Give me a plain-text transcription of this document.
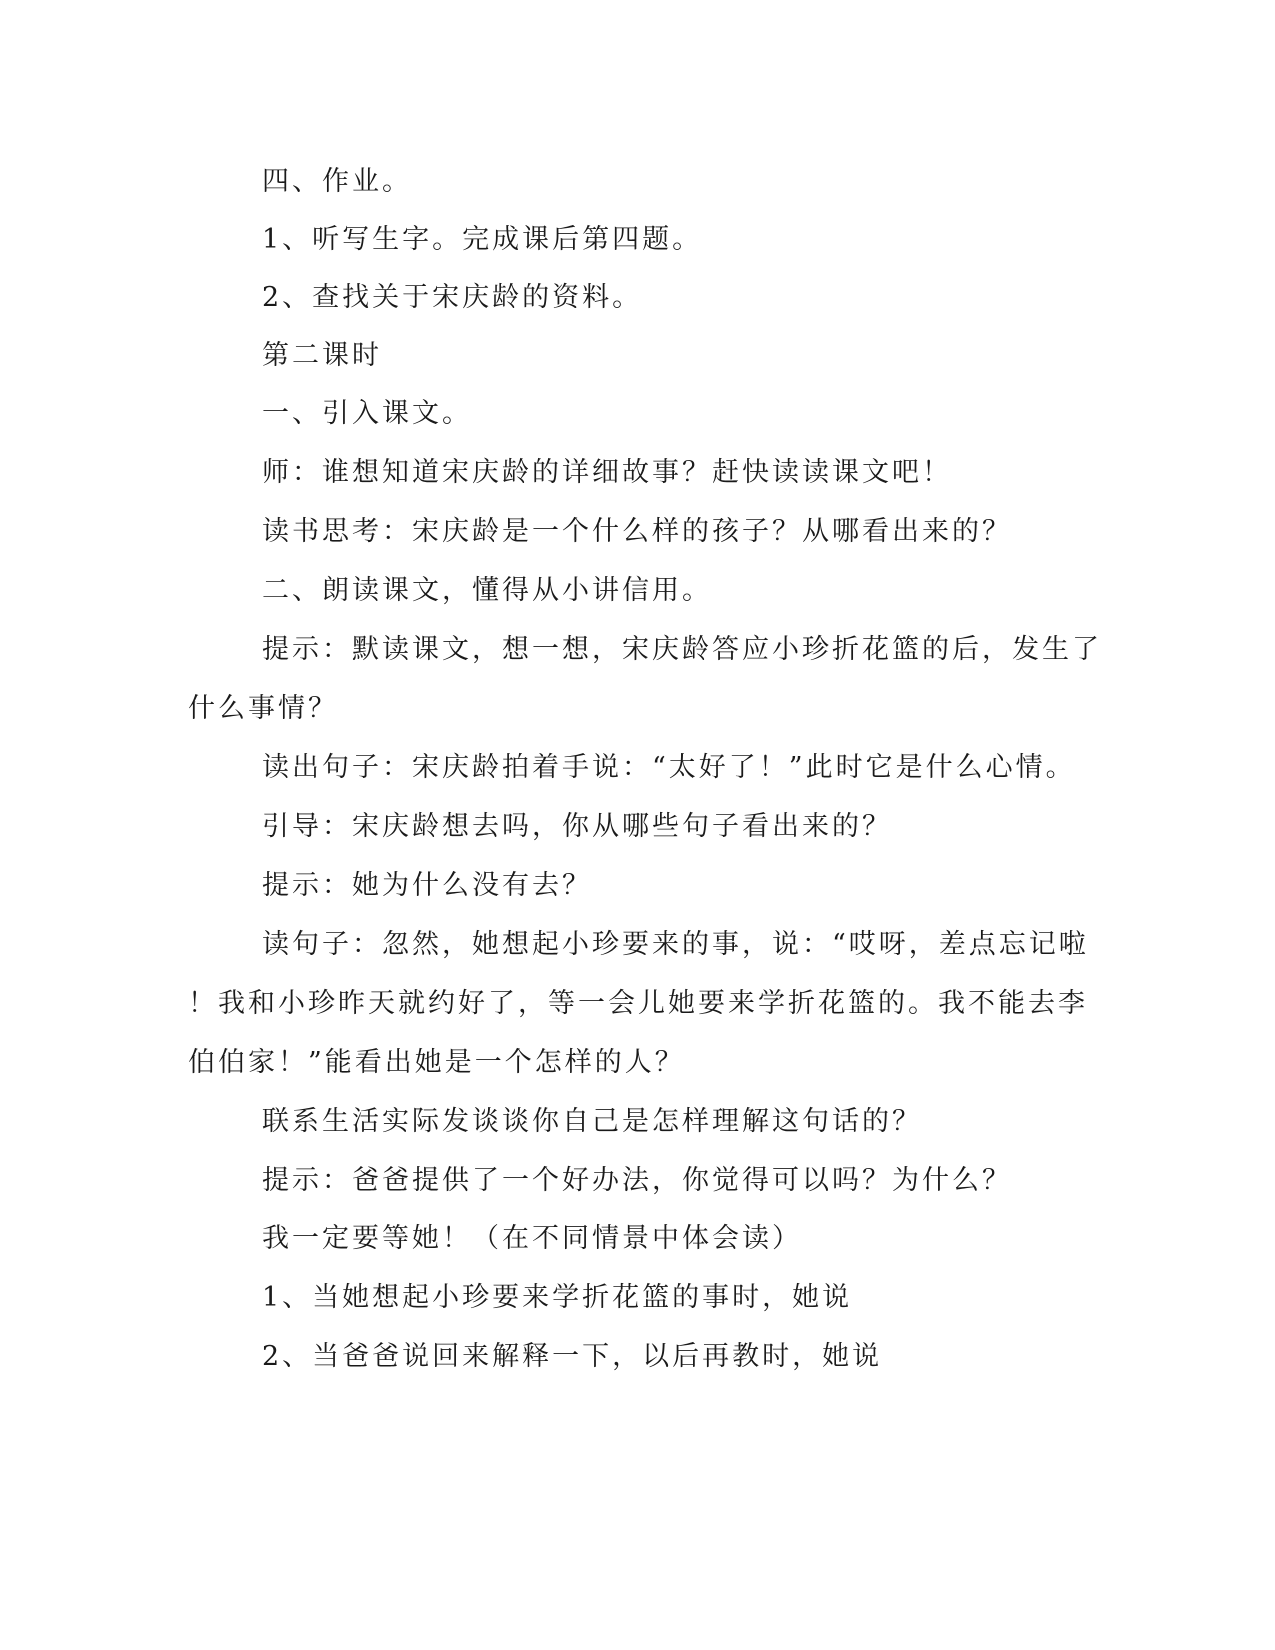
四、作业。
1、听写生字。完成课后第四题。
2、查找关于宋庆龄的资料。
第二课时
一、引入课文。
师：谁想知道宋庆龄的详细故事？赶快读读课文吧！
读书思考：宋庆龄是一个什么样的孩子？从哪看出来的？
二、朗读课文，懂得从小讲信用。
提示：默读课文，想一想，宋庆龄答应小珍折花篮的后，发生了
什么事情？
读出句子：宋庆龄拍着手说：“太好了！”此时它是什么心情。
引导：宋庆龄想去吗，你从哪些句子看出来的？
提示：她为什么没有去？
读句子：忽然，她想起小珍要来的事，说：“哎呀，差点忘记啦
！我和小珍昨天就约好了，等一会儿她要来学折花篮的。我不能去李
伯伯家！”能看出她是一个怎样的人？
联系生活实际发谈谈你自己是怎样理解这句话的？
提示：爸爸提供了一个好办法，你觉得可以吗？为什么？
我一定要等她！（在不同情景中体会读）
1、当她想起小珍要来学折花篮的事时，她说
2、当爸爸说回来解释一下，以后再教时，她说
